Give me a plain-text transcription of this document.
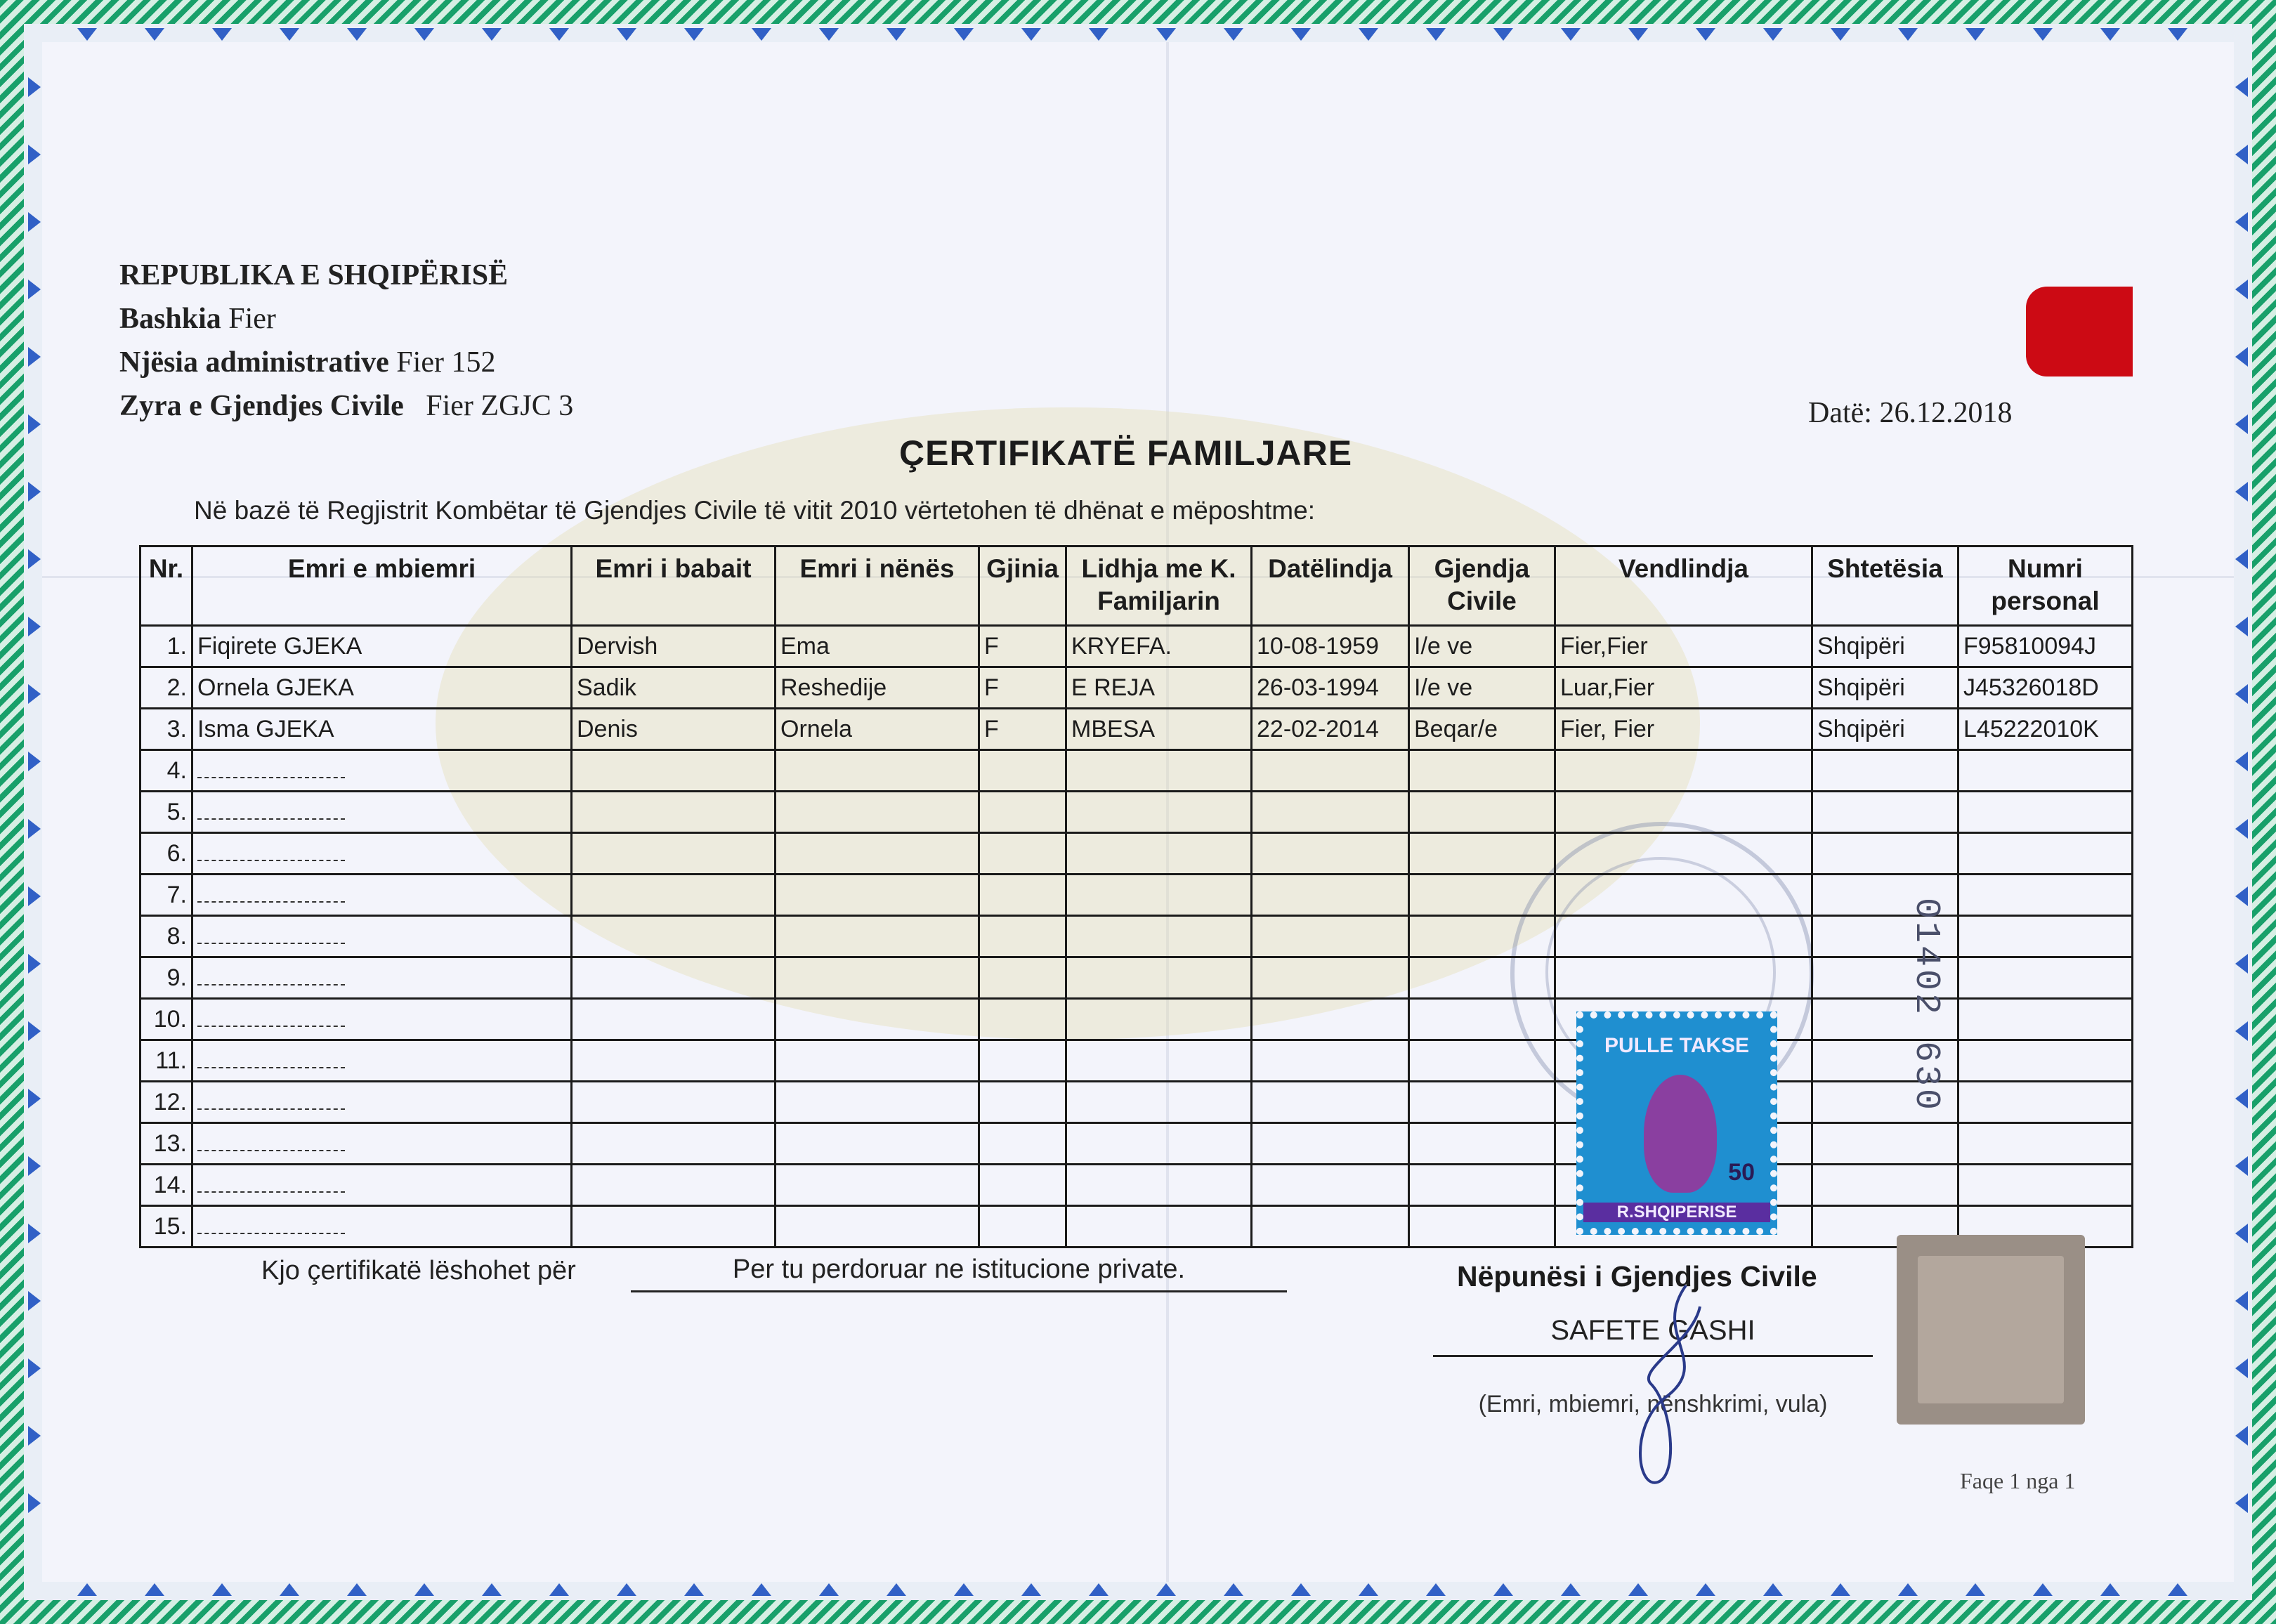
REPUBLIKA E SHQIPËRISË
Bashkia Fier
Njësia administrative Fier 152
Zyra e Gjendjes Civile Fier ZGJC 3	Datë: 26.12.2018
ÇERTIFIKATË FAMILJARE
Në bazë të Regjistrit Kombëtar të Gjendjes Civile të vitit 2010 vërtetohen të dhënat e mëposhtme:
Nr.	Emri e mbiemri	Emri i babait	Emri i nënës	Gjinia	Lidhja me K. Familjarin	Datëlindja	Gjendja Civile	Vendlindja	Shtetësia	Numri personal
1.	Fiqirete GJEKA	Dervish	Ema	F	KRYEFA.	10-08-1959	I/e ve	Fier,Fier	Shqipëri	F95810094J
2.	Ornela GJEKA	Sadik	Reshedije	F	E REJA	26-03-1994	I/e ve	Luar,Fier	Shqipëri	J45326018D
3.	Isma GJEKA	Denis	Ornela	F	MBESA	22-02-2014	Beqar/e	Fier, Fier	Shqipëri	L45222010K
4.										
5.										
6.										
7.										
8.										
9.										
10.										
11.										
12.										
13.										
14.										
15.										
PULLE TAKSE
50
R.SHQIPERISE
01402 630
Kjo çertifikatë lëshohet për	Per tu perdoruar ne istitucione private.	Nëpunësi i Gjendjes Civile
SAFETE GASHI
(Emri, mbiemri, nënshkrimi, vula)
Faqe 1 nga 1
